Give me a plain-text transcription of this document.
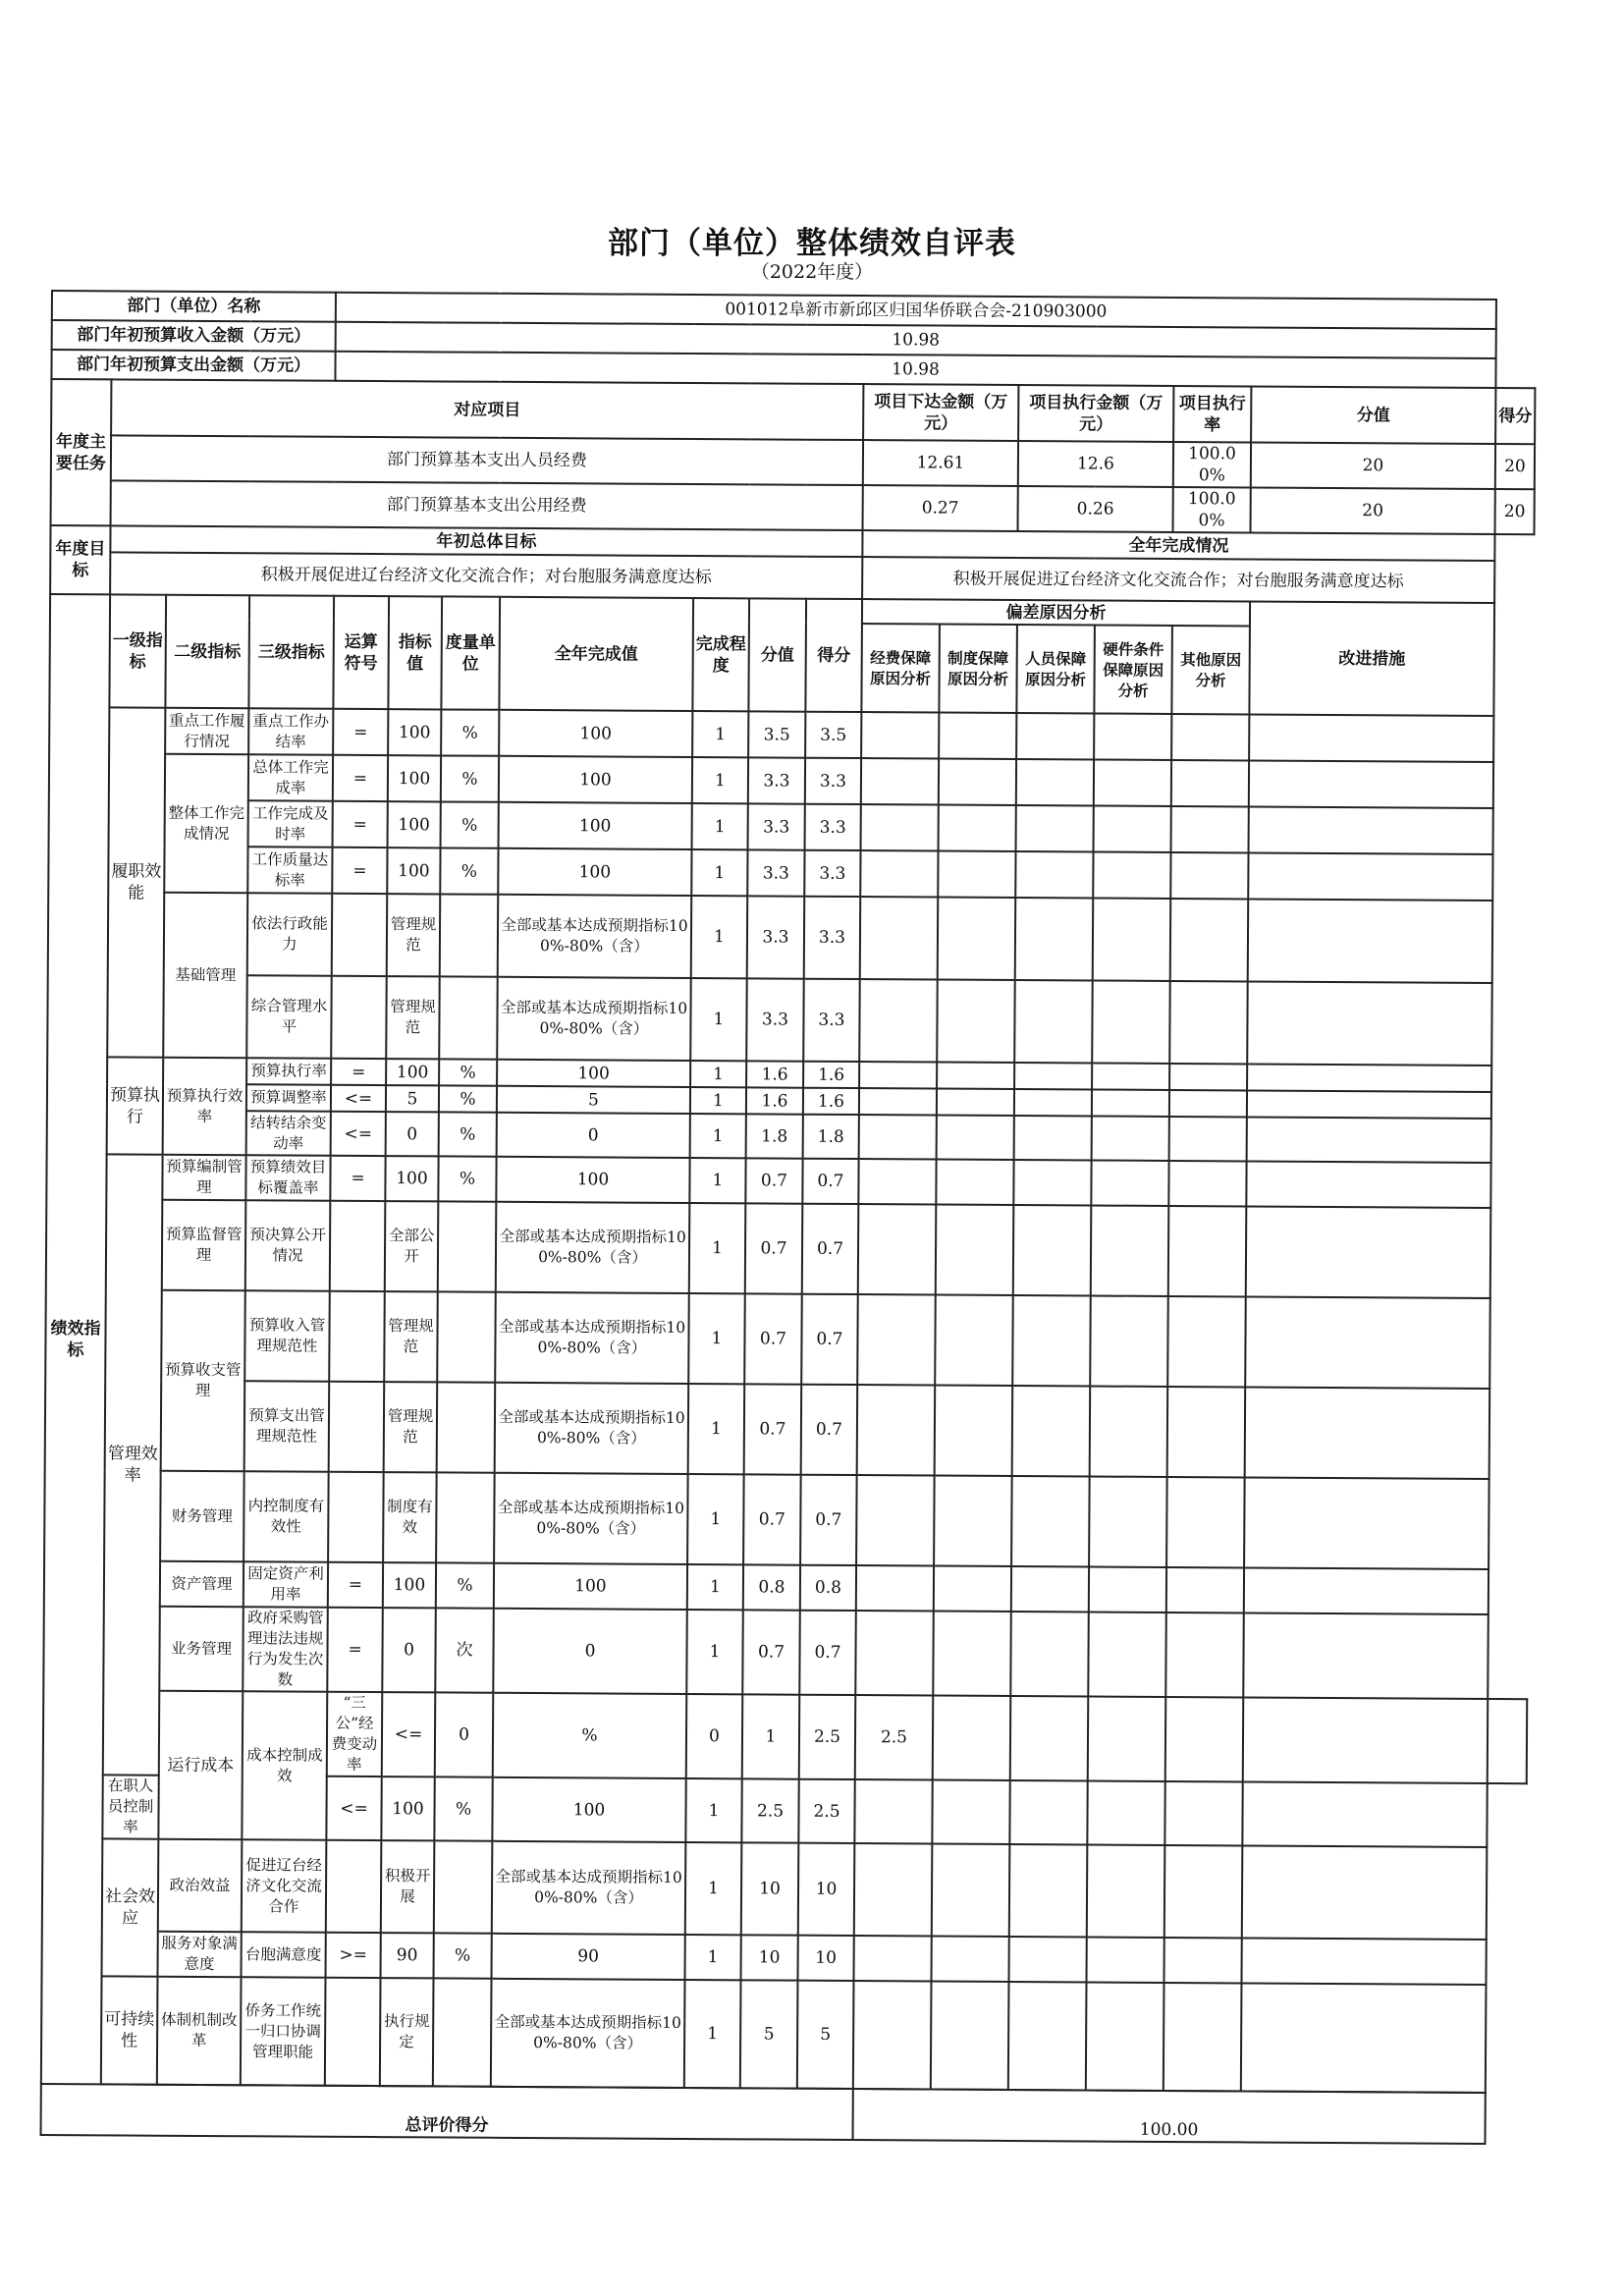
部门（单位）整体绩效自评表
（2022年度）
部门（单位）名称				001012阜新市新邱区归国华侨联合会-210903000													
部门年初预算收入金额（万元）				10.98													
部门年初预算支出金额（万元）				10.98													
年度主要任务	对应项目										项目下达金额（万元）		项目执行金额（万元）		项目执行率	分值	得分
	部门预算基本支出人员经费										12.61		12.6		100.00%	20	20
	部门预算基本支出公用经费										0.27		0.26		100.00%	20	20
年度目标	年初总体目标										全年完成情况						
	积极开展促进辽台经济文化交流合作；对台胞服务满意度达标										积极开展促进辽台经济文化交流合作；对台胞服务满意度达标						
绩效指标	一级指标	二级指标	三级指标	运算符号	指标值	度量单位	全年完成值	完成程度	分值	得分	偏差原因分析					改进措施	
											经费保障原因分析	制度保障原因分析	人员保障原因分析	硬件条件保障原因分析	其他原因分析		
	履职效能	重点工作履行情况	重点工作办结率	=	100	%	100	1	3.5	3.5							
		整体工作完成情况	总体工作完成率	=	100	%	100	1	3.3	3.3							
			工作完成及时率	=	100	%	100	1	3.3	3.3							
			工作质量达标率	=	100	%	100	1	3.3	3.3							
		基础管理	依法行政能力		管理规范		全部或基本达成预期指标100%-80%（含）	1	3.3	3.3							
			综合管理水平		管理规范		全部或基本达成预期指标100%-80%（含）	1	3.3	3.3							
	预算执行	预算执行效率	预算执行率	=	100	%	100	1	1.6	1.6							
			预算调整率	<=	5	%	5	1	1.6	1.6							
			结转结余变动率	<=	0	%	0	1	1.8	1.8							
	管理效率	预算编制管理	预算绩效目标覆盖率	=	100	%	100	1	0.7	0.7							
		预算监督管理	预决算公开情况		全部公开		全部或基本达成预期指标100%-80%（含）	1	0.7	0.7							
		预算收支管理	预算收入管理规范性		管理规范		全部或基本达成预期指标100%-80%（含）	1	0.7	0.7							
			预算支出管理规范性		管理规范		全部或基本达成预期指标100%-80%（含）	1	0.7	0.7							
		财务管理	内控制度有效性		制度有效		全部或基本达成预期指标100%-80%（含）	1	0.7	0.7							
		资产管理	固定资产利用率	=	100	%	100	1	0.8	0.8							
		业务管理	政府采购管理违法违规行为发生次数	=	0	次	0	1	0.7	0.7							
		运行成本	成本控制成效	“三公”经费变动率	<=	0	%	0	1	2.5	2.5						
	在职人员控制率			<=	100	%	100	1	2.5	2.5							
	社会效应	政治效益	促进辽台经济文化交流合作		积极开展		全部或基本达成预期指标100%-80%（含）	1	10	10							
		服务对象满意度	台胞满意度	>=	90	%	90	1	10	10							
	可持续性	体制机制改革	侨务工作统一归口协调管理职能		执行规定		全部或基本达成预期指标100%-80%（含）	1	5	5							

总评价得分											100.00						
